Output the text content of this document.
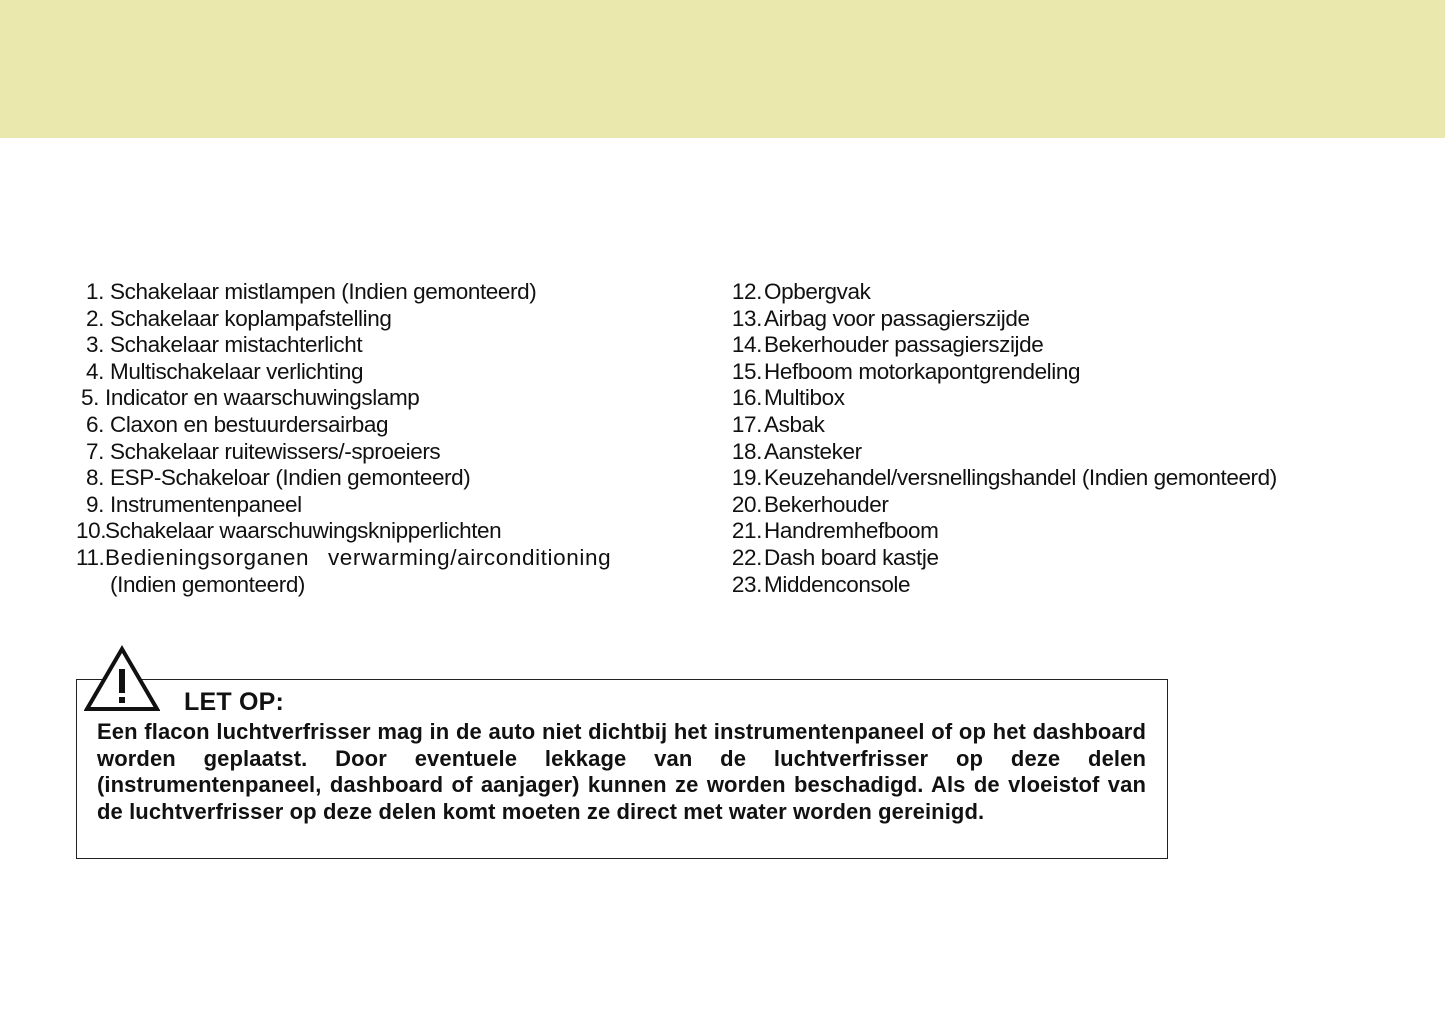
1. Schakelaar mistlampen (Indien gemonteerd)
2. Schakelaar koplampafstelling
3. Schakelaar mistachterlicht
4. Multischakelaar verlichting
5. Indicator en waarschuwingslamp
6. Claxon en bestuurdersairbag
7. Schakelaar ruitewissers/-sproeiers
8. ESP-Schakeloar (Indien gemonteerd)
9. Instrumentenpaneel
10.
Schakelaar waarschuwingsknipperlichten
11. Bedieningsorganen verwarming/airconditioning
(Indien gemonteerd)
12. Opbergvak
13. Airbag voor passagierszijde
14. Bekerhouder passagierszijde
15. Hefboom motorkapontgrendeling
16. Multibox
17. Asbak
18. Aansteker
19. Keuzehandel/versnellingshandel (Indien gemonteerd)
20. Bekerhouder
21. Handremhefboom
22. Dash board kastje
23. Middenconsole
LET OP:
Een flacon luchtverfrisser mag in de auto niet dichtbij het instrumentenpaneel of op het dashboard worden geplaatst. Door eventuele lekkage van de luchtverfrisser op deze delen (instrumentenpaneel, dashboard of aanjager) kunnen ze worden beschadigd. Als de vloeistof van de luchtverfrisser op deze delen komt moeten ze direct met water worden gereinigd.
